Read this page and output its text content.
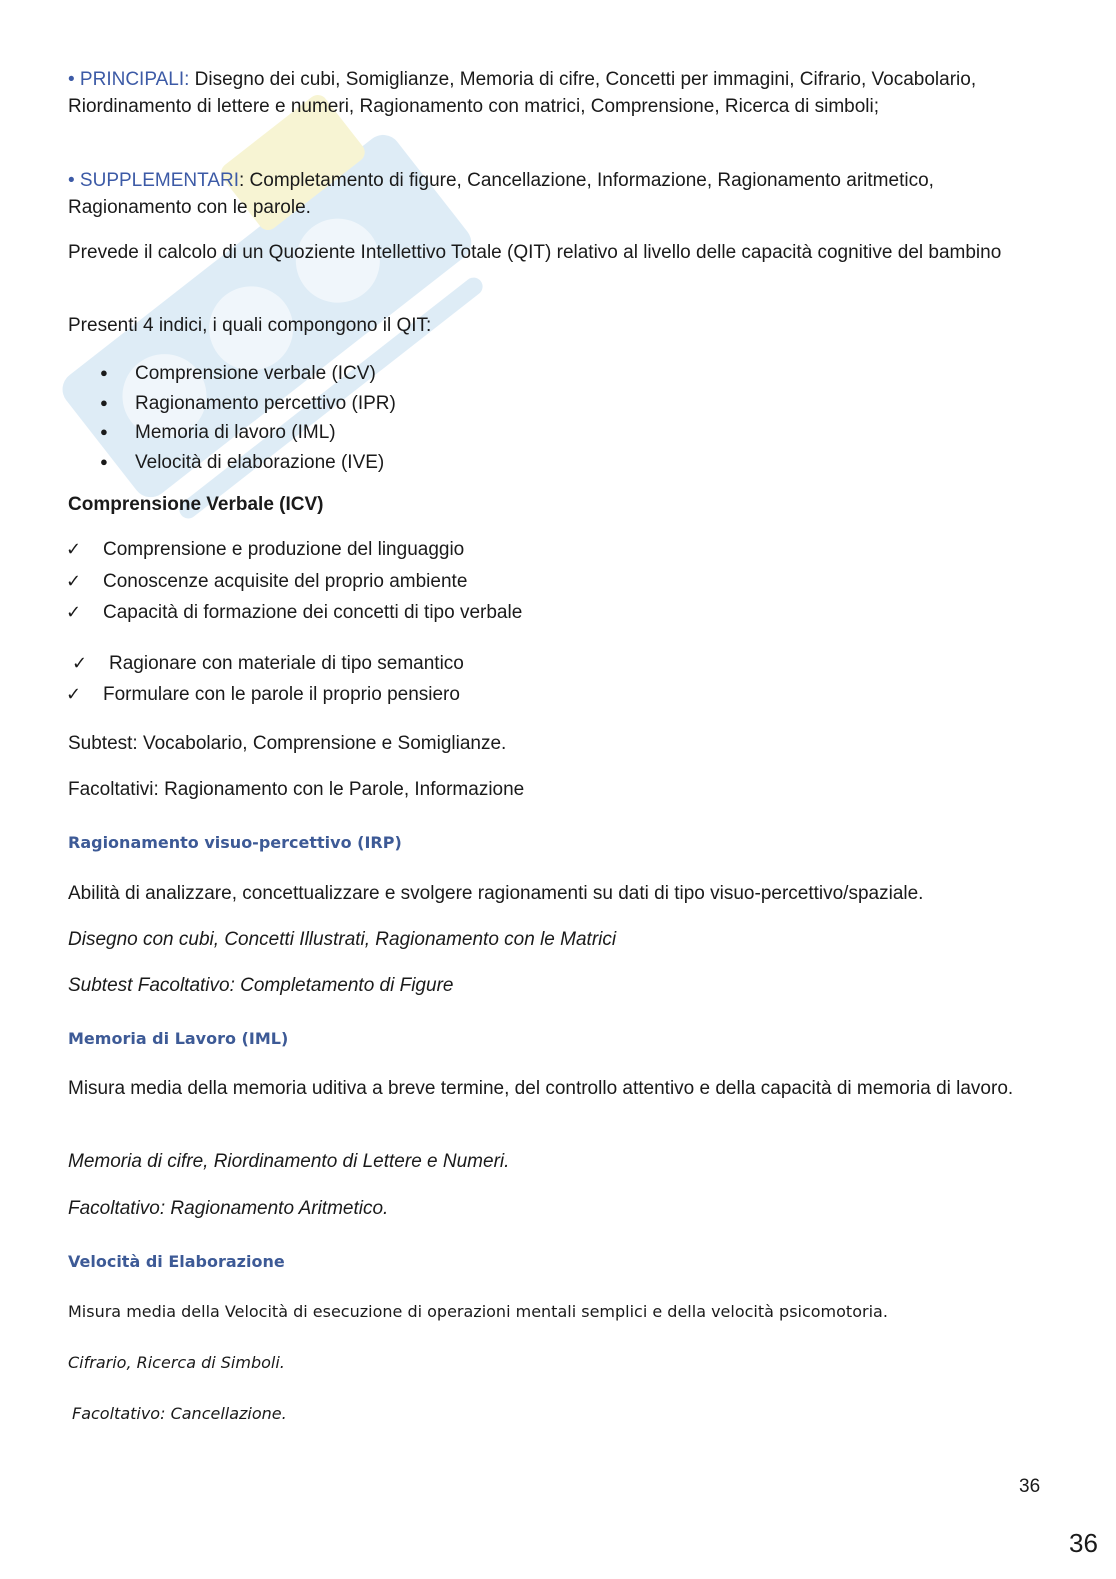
• PRINCIPALI: Disegno dei cubi, Somiglianze, Memoria di cifre, Concetti per immagini, Cifrario, Vocabolario, Riordinamento di lettere e numeri, Ragionamento con matrici, Comprensione, Ricerca di simboli;
• SUPPLEMENTARI: Completamento di figure, Cancellazione, Informazione, Ragionamento aritmetico, Ragionamento con le parole.
Prevede il calcolo di un Quoziente Intellettivo Totale (QIT) relativo al livello delle capacità cognitive del bambino
Presenti 4 indici, i quali compongono il QIT:
● Comprensione verbale (ICV)
● Ragionamento percettivo (IPR)
● Memoria di lavoro (IML)
● Velocità di elaborazione (IVE)
Comprensione Verbale (ICV)
✓ Comprensione e produzione del linguaggio
✓ Conoscenze acquisite del proprio ambiente
✓ Capacità di formazione dei concetti di tipo verbale
✓ Ragionare con materiale di tipo semantico
✓ Formulare con le parole il proprio pensiero
Subtest: Vocabolario, Comprensione e Somiglianze.
Facoltativi: Ragionamento con le Parole, Informazione
Ragionamento visuo-percettivo (IRP)
Abilità di analizzare, concettualizzare e svolgere ragionamenti su dati di tipo visuo-percettivo/spaziale.
Disegno con cubi, Concetti Illustrati, Ragionamento con le Matrici
Subtest Facoltativo: Completamento di Figure
Memoria di Lavoro (IML)
Misura media della memoria uditiva a breve termine, del controllo attentivo e della capacità di memoria di lavoro.
Memoria di cifre, Riordinamento di Lettere e Numeri.
Facoltativo: Ragionamento Aritmetico.
Velocità di Elaborazione
Misura media della Velocità di esecuzione di operazioni mentali semplici e della velocità psicomotoria.
Cifrario, Ricerca di Simboli.
Facoltativo: Cancellazione.
36
36
